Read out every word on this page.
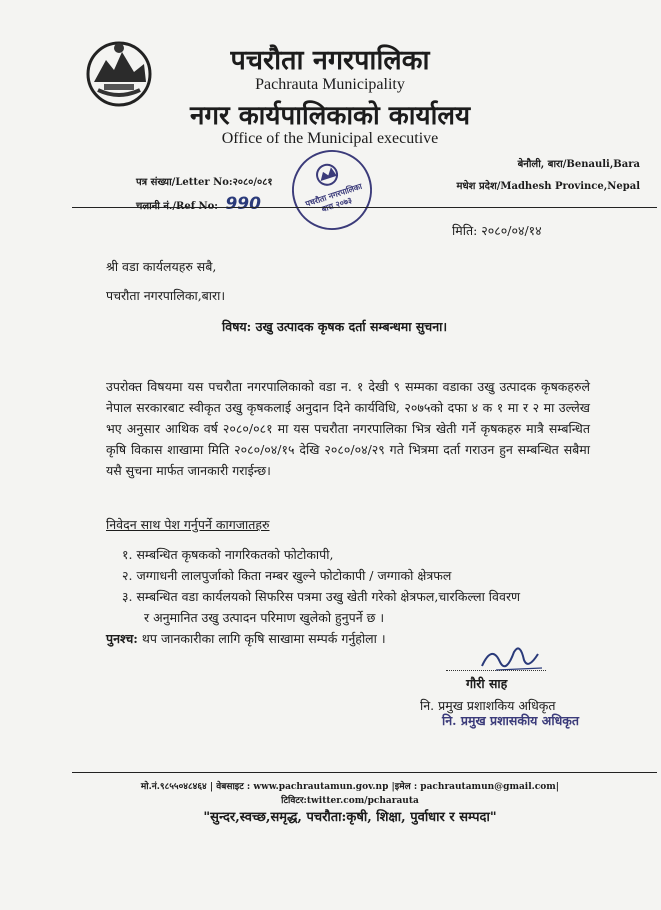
पचरौता नगरपालिका
Pachrauta Municipality
नगर कार्यपालिकाको कार्यालय
Office of the Municipal executive
पचरौता नगरपालिका बारा २०७३
पत्र संख्या/Letter No:२०८०/०८१
चलानी नं./Ref No: 990
बेनौली, बारा/Benauli,Bara
मधेश प्रदेश/Madhesh Province,Nepal
मिति: २०८०/०४/१४
श्री वडा कार्यलयहरु सबै,
पचरौता नगरपालिका,बारा।
विषय: उखु उत्पादक कृषक दर्ता सम्बन्धमा सुचना।
उपरोक्त विषयमा यस पचरौता नगरपालिकाको वडा न. १ देखी ९ सम्मका वडाका उखु उत्पादक कृषकहरुले नेपाल सरकारबाट स्वीकृत उखु कृषकलाई अनुदान दिने कार्यविधि, २०७५को दफा ४ क १ मा र २ मा उल्लेख भए अनुसार आथिक वर्ष २०८०/०८१ मा यस पचरौता नगरपालिका भित्र खेती गर्ने कृषकहरु मात्रै सम्बन्धित कृषि विकास शाखामा मिति २०८०/०४/१५ देखि २०८०/०४/२९ गते भित्रमा दर्ता गराउन हुन सम्बन्धित सबैमा यसै सुचना मार्फत जानकारी गराईन्छ।
निवेदन साथ पेश गर्नुपर्ने कागजातहरु
१. सम्बन्धित कृषकको नागरिकतको फोटोकापी,
२. जग्गाधनी लालपुर्जाको किता नम्बर खुल्ने फोटोकापी / जग्गाको क्षेत्रफल
३. सम्बन्धित वडा कार्यलयको सिफरिस पत्रमा उखु खेती गरेको क्षेत्रफल,चारकिल्ला विवरण
र अनुमानित उखु उत्पादन परिमाण खुलेको हुनुपर्ने छ ।
पुनश्च: थप जानकारीका लागि कृषि साखामा सम्पर्क गर्नुहोला ।
गौरी साह
नि. प्रमुख प्रशाशकिय अधिकृत
नि. प्रमुख प्रशासकीय अधिकृत
मो.नं.९८५५०४८४६४ | वेबसाइट : www.pachrautamun.gov.np |इमेल : pachrautamun@gmail.com|
टिविटर:twitter.com/pcharauta
"सुन्दर,स्वच्छ,समृद्ध, पचरौता:कृषी, शिक्षा, पुर्वाधार र सम्पदा"
